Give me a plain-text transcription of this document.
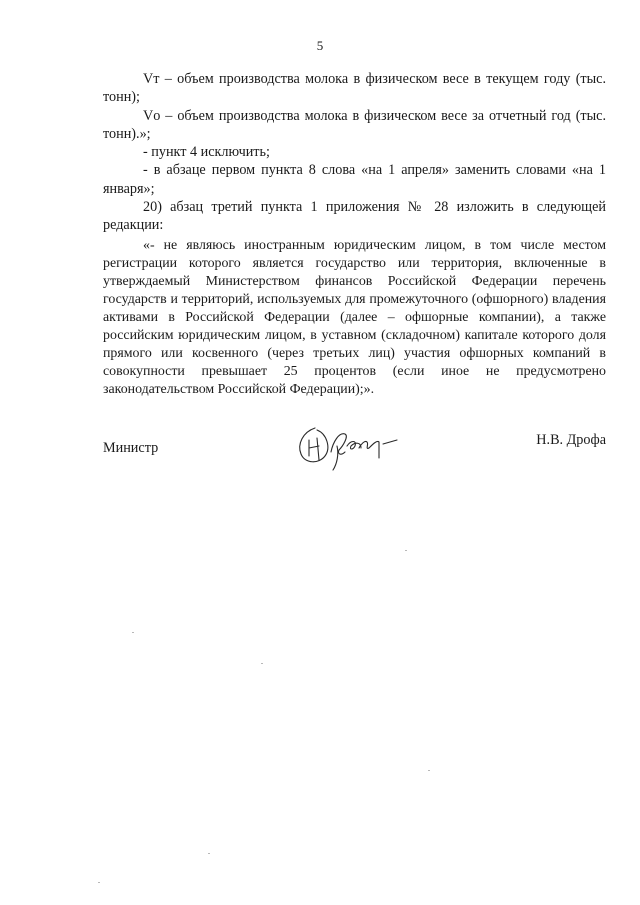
5

Vт – объем производства молока в физическом весе в текущем году (тыс. тонн);

Vо – объем производства молока в физическом весе за отчетный год (тыс. тонн).»;

- пункт 4 исключить;

- в абзаце первом пункта 8 слова «на 1 апреля» заменить словами «на 1 января»;

20) абзац третий пункта 1 приложения № 28 изложить в следующей редакции:

«- не являюсь иностранным юридическим лицом, в том числе местом регистрации которого является государство или территория, включенные в утверждаемый Министерством финансов Российской Федерации перечень государств и территорий, используемых для промежуточного (офшорного) владения активами в Российской Федерации (далее – офшорные компании), а также российским юридическим лицом, в уставном (складочном) капитале которого доля прямого или косвенного (через третьих лиц) участия офшорных компаний в совокупности превышает 25 процентов (если иное не предусмотрено законодательством Российской Федерации);».

Министр	Н.В. Дрофа
